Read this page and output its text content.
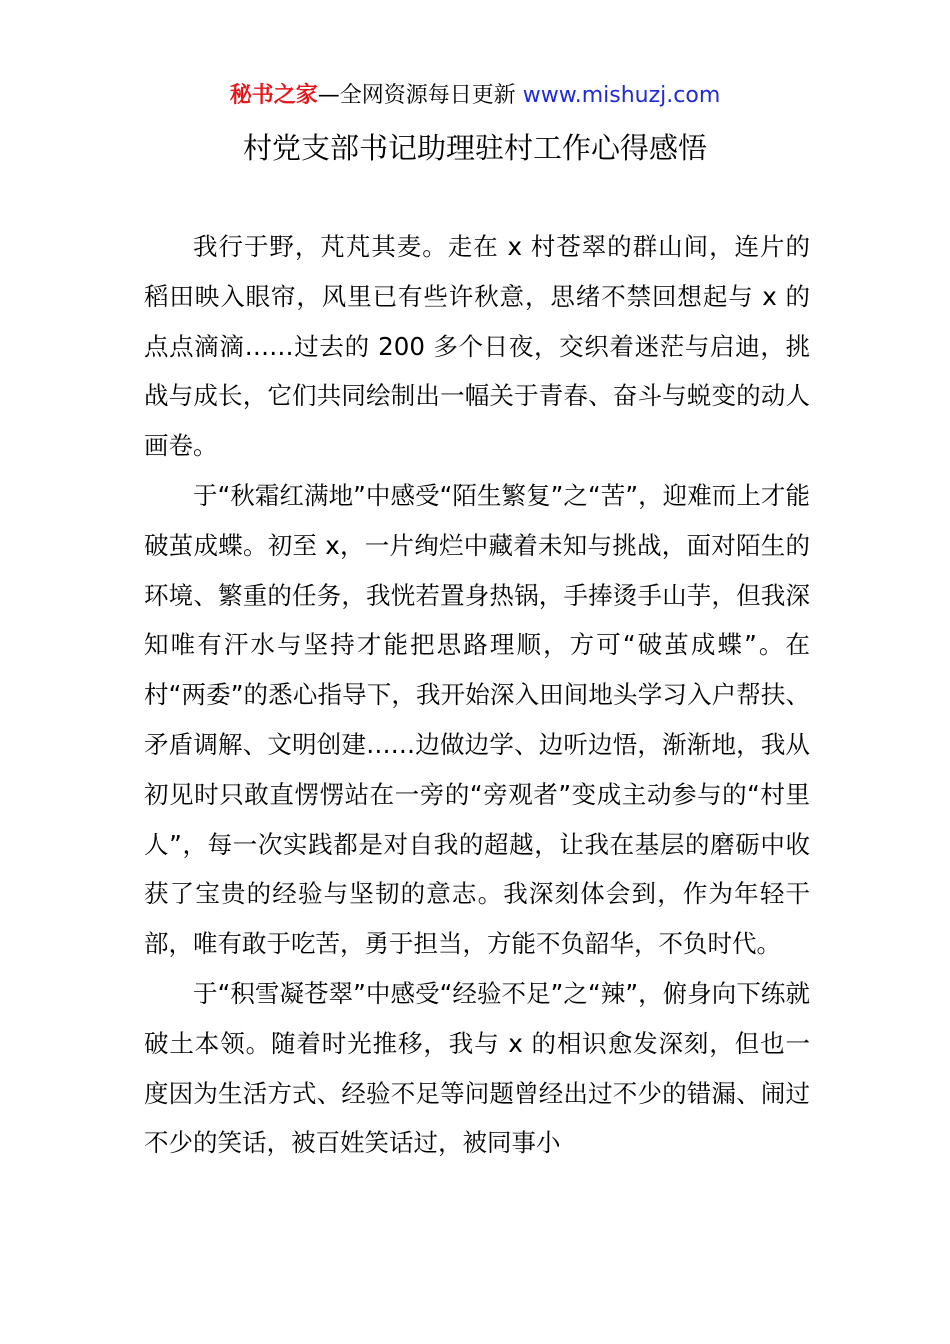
秘书之家—全网资源每日更新 www.mishuzj.com
村党支部书记助理驻村工作心得感悟

我行于野，芃芃其麦。走在 x 村苍翠的群山间，连片的稻田映入眼帘，风里已有些许秋意，思绪不禁回想起与 x 的点点滴滴……过去的 200 多个日夜，交织着迷茫与启迪，挑战与成长，它们共同绘制出一幅关于青春、奋斗与蜕变的动人画卷。

于“秋霜红满地”中感受“陌生繁复”之“苦”，迎难而上才能破茧成蝶。初至 x，一片绚烂中藏着未知与挑战，面对陌生的环境、繁重的任务，我恍若置身热锅，手捧烫手山芋，但我深知唯有汗水与坚持才能把思路理顺，方可“破茧成蝶”。在村“两委”的悉心指导下，我开始深入田间地头学习入户帮扶、矛盾调解、文明创建……边做边学、边听边悟，渐渐地，我从初见时只敢直愣愣站在一旁的“旁观者”变成主动参与的“村里人”，每一次实践都是对自我的超越，让我在基层的磨砺中收获了宝贵的经验与坚韧的意志。我深刻体会到，作为年轻干部，唯有敢于吃苦，勇于担当，方能不负韶华，不负时代。

于“积雪凝苍翠”中感受“经验不足”之“辣”，俯身向下练就破土本领。随着时光推移，我与 x 的相识愈发深刻，但也一度因为生活方式、经验不足等问题曾经出过不少的错漏、闹过不少的笑话，被百姓笑话过，被同事小
